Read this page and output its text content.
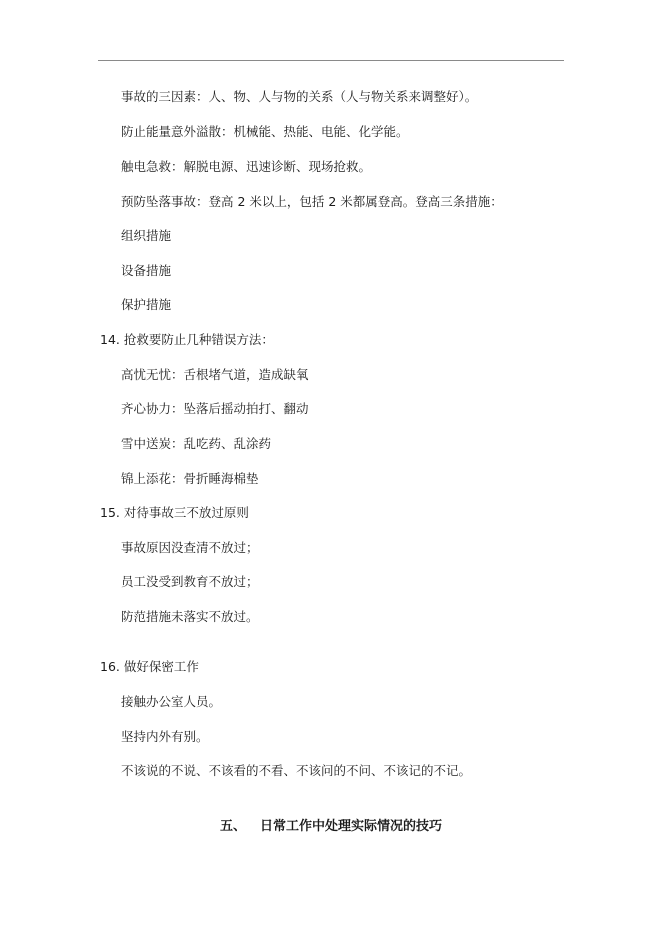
事故的三因素：人、物、人与物的关系（人与物关系来调整好）。
防止能量意外溢散：机械能、热能、电能、化学能。
触电急救：解脱电源、迅速诊断、现场抢救。
预防坠落事故：登高 2 米以上，包括 2 米都属登高。登高三条措施：
组织措施
设备措施
保护措施
14. 抢救要防止几种错误方法：
高忧无忧：舌根堵气道，造成缺氧
齐心协力：坠落后摇动拍打、翻动
雪中送炭：乱吃药、乱涂药
锦上添花：骨折睡海棉垫
15. 对待事故三不放过原则
事故原因没查清不放过；
员工没受到教育不放过；
防范措施未落实不放过。
16. 做好保密工作
接触办公室人员。
坚持内外有别。
不该说的不说、不该看的不看、不该问的不问、不该记的不记。
五、 日常工作中处理实际情况的技巧
